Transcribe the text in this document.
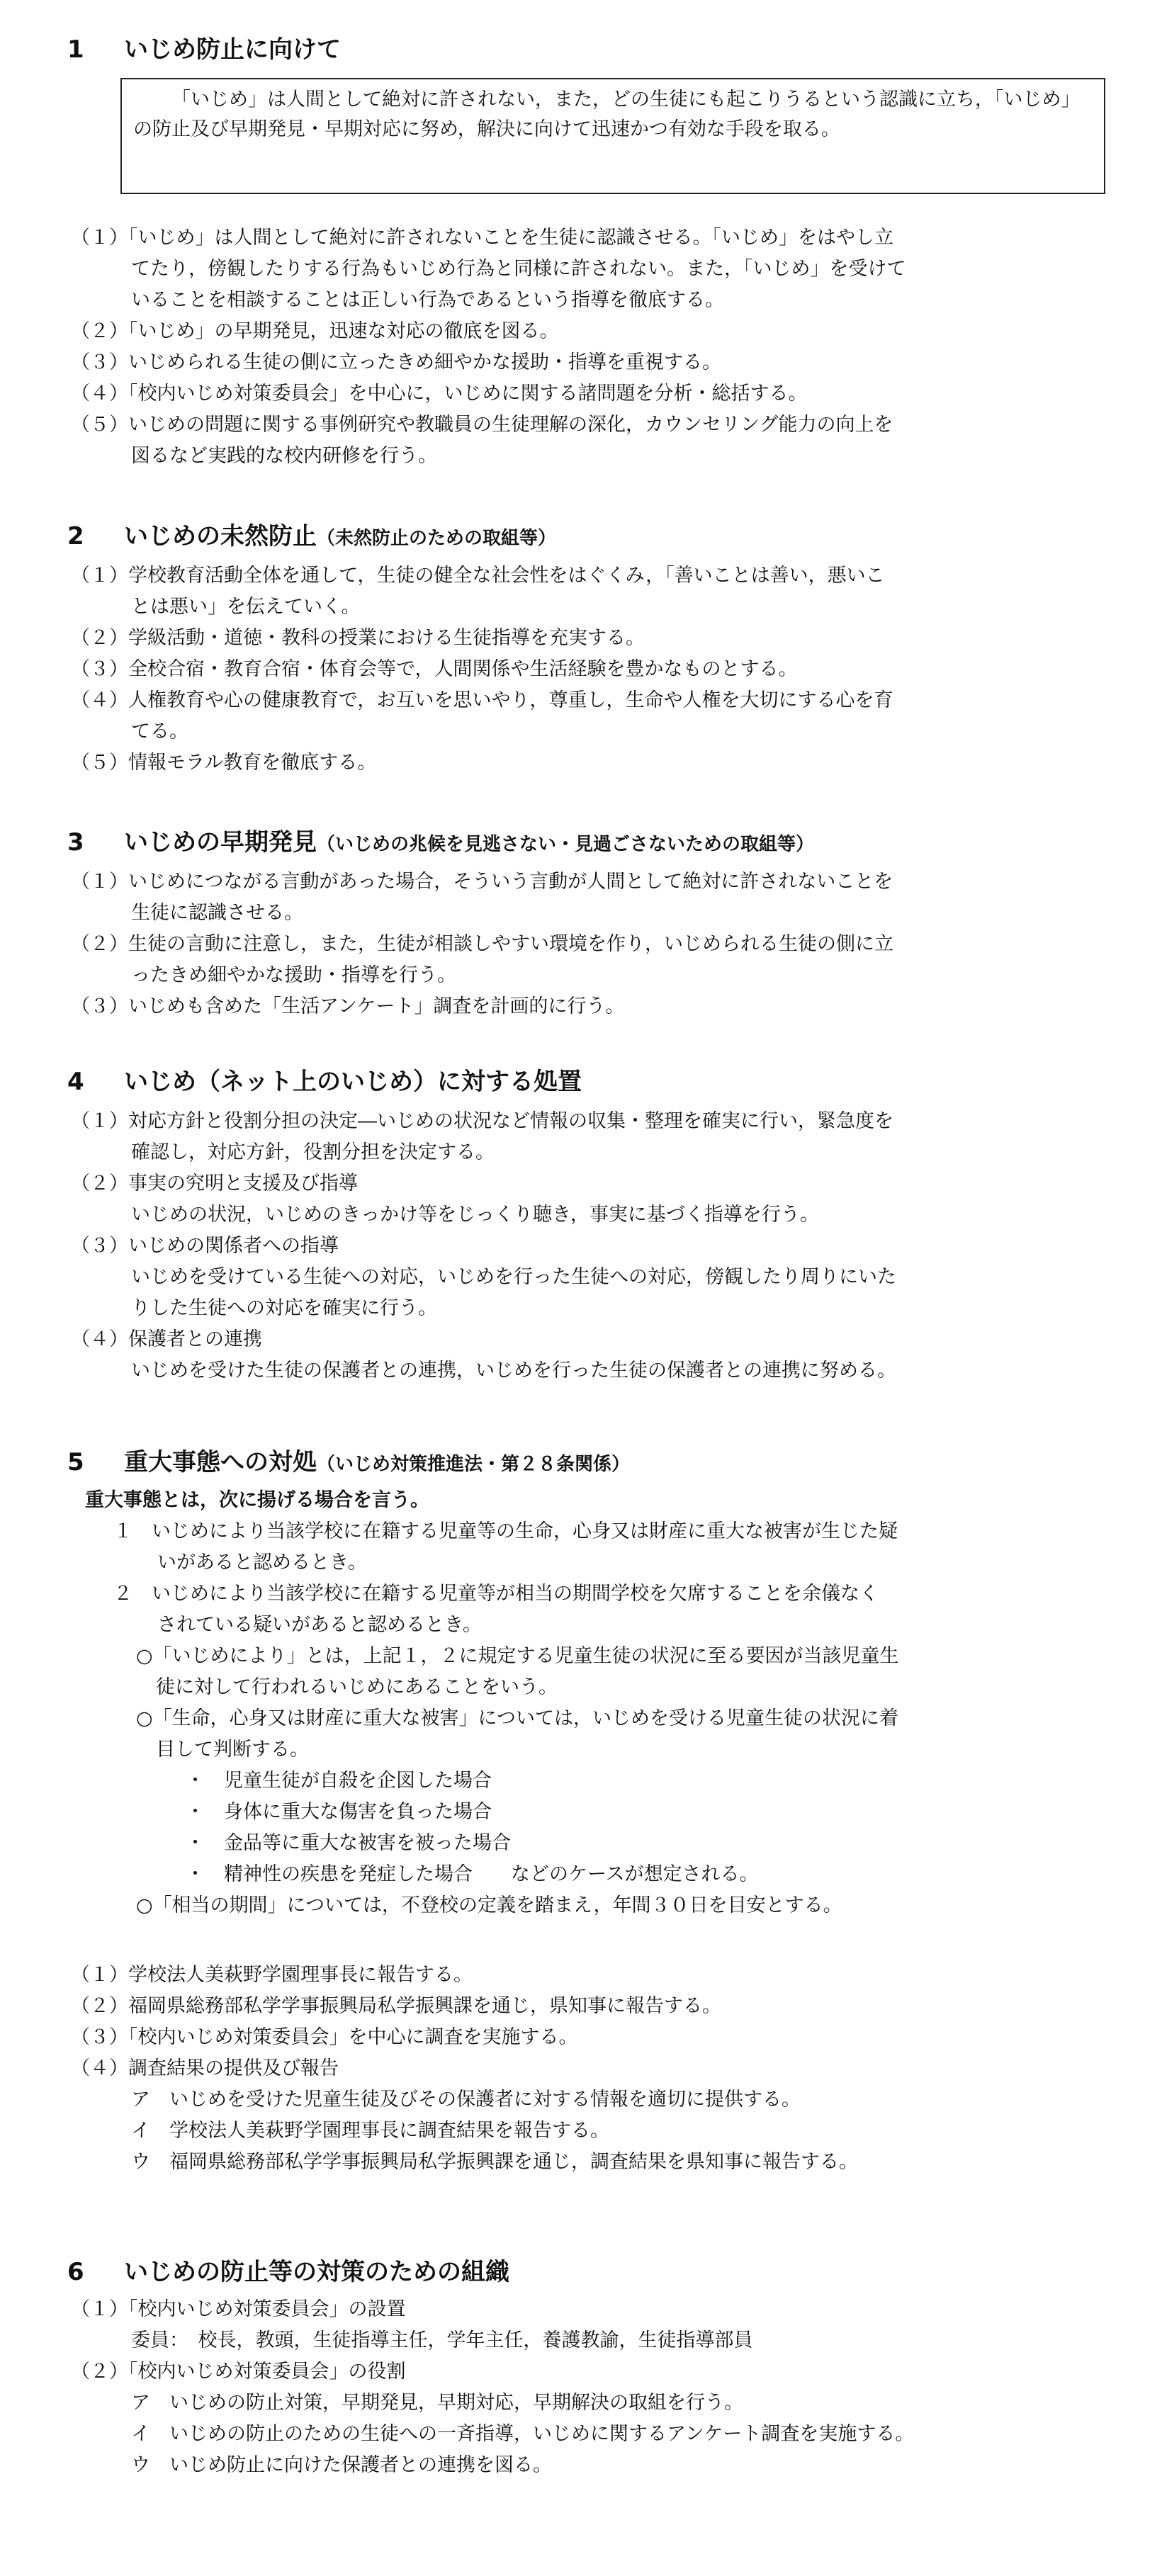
1 いじめ防止に向けて
「いじめ」は人間として絶対に許されない，また，どの生徒にも起こりうるという認識に立ち，「いじめ」の防止及び早期発見・早期対応に努め，解決に向けて迅速かつ有効な手段を取る。
2 いじめの未然防止（未然防止のための取組等）
3 いじめの早期発見（いじめの兆候を見逃さない・見過ごさないための取組等）
4 いじめ（ネット上のいじめ）に対する処置
5 重大事態への対処（いじめ対策推進法・第２８条関係）
6 いじめの防止等の対策のための組織
（１）「いじめ」は人間として絶対に許されないことを生徒に認識させる。「いじめ」をはやし立
てたり，傍観したりする行為もいじめ行為と同様に許されない。また，「いじめ」を受けて
いることを相談することは正しい行為であるという指導を徹底する。
（２）「いじめ」の早期発見，迅速な対応の徹底を図る。
（３）いじめられる生徒の側に立ったきめ細やかな援助・指導を重視する。
（４）「校内いじめ対策委員会」を中心に，いじめに関する諸問題を分析・総括する。
（５）いじめの問題に関する事例研究や教職員の生徒理解の深化，カウンセリング能力の向上を
図るなど実践的な校内研修を行う。
（１）学校教育活動全体を通して，生徒の健全な社会性をはぐくみ，「善いことは善い，悪いこ
とは悪い」を伝えていく。
（２）学級活動・道徳・教科の授業における生徒指導を充実する。
（３）全校合宿・教育合宿・体育会等で，人間関係や生活経験を豊かなものとする。
（４）人権教育や心の健康教育で，お互いを思いやり，尊重し，生命や人権を大切にする心を育
てる。
（５）情報モラル教育を徹底する。
（１）いじめにつながる言動があった場合，そういう言動が人間として絶対に許されないことを
生徒に認識させる。
（２）生徒の言動に注意し，また，生徒が相談しやすい環境を作り，いじめられる生徒の側に立
ったきめ細やかな援助・指導を行う。
（３）いじめも含めた「生活アンケート」調査を計画的に行う。
（１）対応方針と役割分担の決定―いじめの状況など情報の収集・整理を確実に行い，緊急度を
確認し，対応方針，役割分担を決定する。
（２）事実の究明と支援及び指導
いじめの状況，いじめのきっかけ等をじっくり聴き，事実に基づく指導を行う。
（３）いじめの関係者への指導
いじめを受けている生徒への対応，いじめを行った生徒への対応，傍観したり周りにいた
りした生徒への対応を確実に行う。
（４）保護者との連携
いじめを受けた生徒の保護者との連携，いじめを行った生徒の保護者との連携に努める。
重大事態とは，次に揚げる場合を言う。
１　いじめにより当該学校に在籍する児童等の生命，心身又は財産に重大な被害が生じた疑
いがあると認めるとき。
２　いじめにより当該学校に在籍する児童等が相当の期間学校を欠席することを余儀なく
されている疑いがあると認めるとき。
○「いじめにより」とは，上記１，２に規定する児童生徒の状況に至る要因が当該児童生
徒に対して行われるいじめにあることをいう。
○「生命，心身又は財産に重大な被害」については，いじめを受ける児童生徒の状況に着
目して判断する。
・　児童生徒が自殺を企図した場合
・　身体に重大な傷害を負った場合
・　金品等に重大な被害を被った場合
・　精神性の疾患を発症した場合　　などのケースが想定される。
○「相当の期間」については，不登校の定義を踏まえ，年間３０日を目安とする。
（１）学校法人美萩野学園理事長に報告する。
（２）福岡県総務部私学学事振興局私学振興課を通じ，県知事に報告する。
（３）「校内いじめ対策委員会」を中心に調査を実施する。
（４）調査結果の提供及び報告
ア　いじめを受けた児童生徒及びその保護者に対する情報を適切に提供する。
イ　学校法人美萩野学園理事長に調査結果を報告する。
ウ　福岡県総務部私学学事振興局私学振興課を通じ，調査結果を県知事に報告する。
（１）「校内いじめ対策委員会」の設置
委員：　校長，教頭，生徒指導主任，学年主任，養護教諭，生徒指導部員
（２）「校内いじめ対策委員会」の役割
ア　いじめの防止対策，早期発見，早期対応，早期解決の取組を行う。
イ　いじめの防止のための生徒への一斉指導，いじめに関するアンケート調査を実施する。
ウ　いじめ防止に向けた保護者との連携を図る。
